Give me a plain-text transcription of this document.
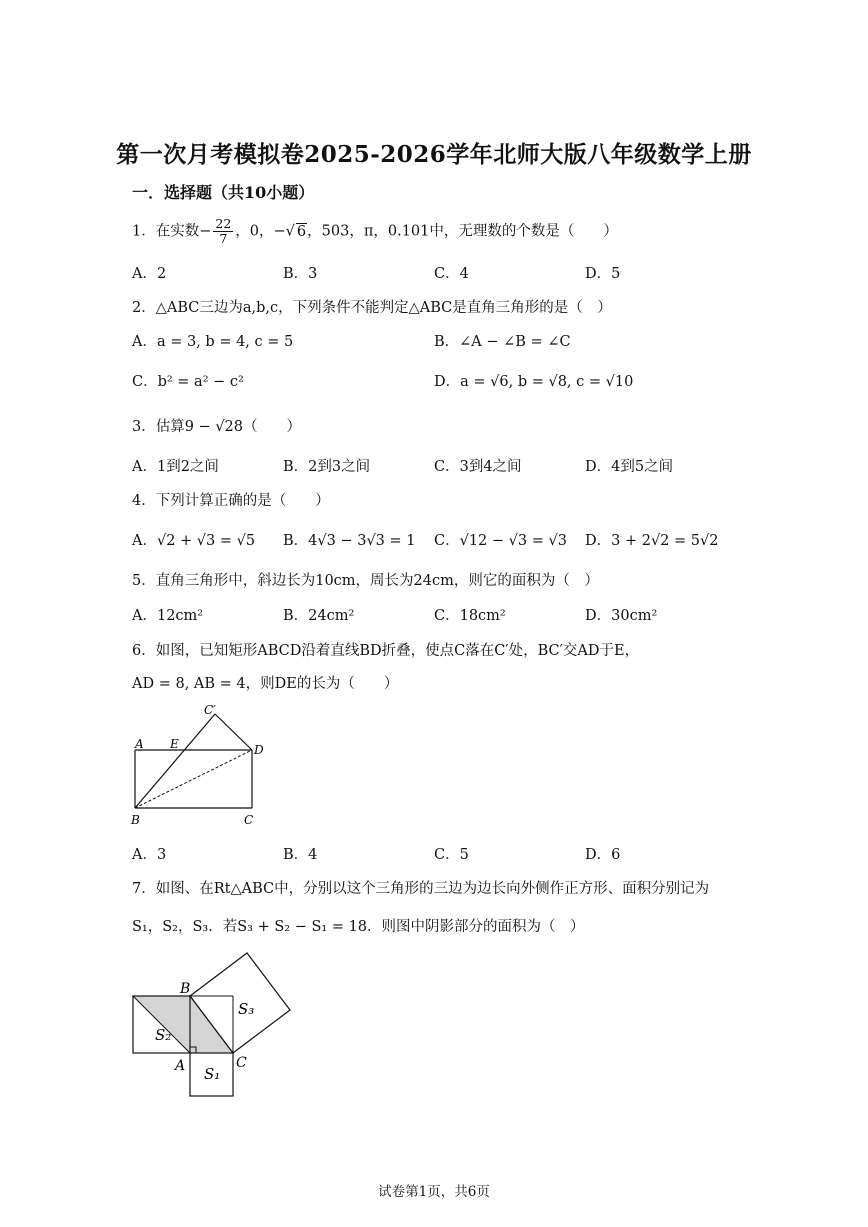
第一次月考模拟卷2025-2026学年北师大版八年级数学上册
一．选择题（共10小题）
1．在实数− $\frac{22}{7}$ ，0，−√ 6，503，π，0.101中，无理数的个数是（　　）
A．2	B．3	C．4	D．5
2．△ABC三边为a,b,c，下列条件不能判定△ABC是直角三角形的是（　）
A．a = 3, b = 4, c = 5	B．∠A − ∠B = ∠C
C．b² = a² − c²	D．a = √6, b = √8, c = √10
3．估算9 − √28（　　）
A．1到2之间	B．2到3之间	C．3到4之间	D．4到5之间
4．下列计算正确的是（　　）
A．√2 + √3 = √5 B．4√3 − 3√3 = 1 C．√12 − √3 = √3 D．3 + 2√2 = 5√2
5．直角三角形中，斜边长为10cm，周长为24cm，则它的面积为（　）
A．12cm²	B．24cm²	C．18cm²	D．30cm²
6．如图，已知矩形ABCD沿着直线BD折叠，使点C落在C′处，BC′交AD于E，
AD = 8, AB = 4，则DE的长为（　　）
C′
A E	D
B	C
A．3	B．4	C．5	D．6
7．如图、在Rt△ABC中，分别以这个三角形的三边为边长向外侧作正方形、面积分别记为
S₁，S₂，S₃．若S₃ + S₂ − S₁ = 18．则图中阴影部分的面积为（　）
B
A	C
S₂
S₁
S₃
试卷第1页，共6页
